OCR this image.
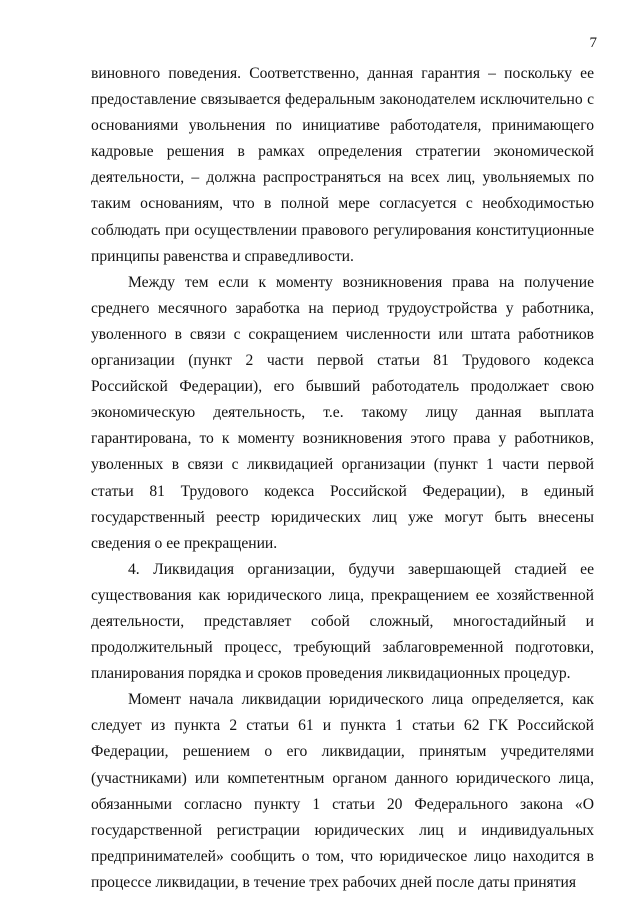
7

виновного поведения. Соответственно, данная гарантия – поскольку ее предоставление связывается федеральным законодателем исключительно с основаниями увольнения по инициативе работодателя, принимающего кадровые решения в рамках определения стратегии экономической деятельности, – должна распространяться на всех лиц, увольняемых по таким основаниям, что в полной мере согласуется с необходимостью соблюдать при осуществлении правового регулирования конституционные принципы равенства и справедливости.

Между тем если к моменту возникновения права на получение среднего месячного заработка на период трудоустройства у работника, уволенного в связи с сокращением численности или штата работников организации (пункт 2 части первой статьи 81 Трудового кодекса Российской Федерации), его бывший работодатель продолжает свою экономическую деятельность, т.е. такому лицу данная выплата гарантирована, то к моменту возникновения этого права у работников, уволенных в связи с ликвидацией организации (пункт 1 части первой статьи 81 Трудового кодекса Российской Федерации), в единый государственный реестр юридических лиц уже могут быть внесены сведения о ее прекращении.

4. Ликвидация организации, будучи завершающей стадией ее существования как юридического лица, прекращением ее хозяйственной деятельности, представляет собой сложный, многостадийный и продолжительный процесс, требующий заблаговременной подготовки, планирования порядка и сроков проведения ликвидационных процедур.

Момент начала ликвидации юридического лица определяется, как следует из пункта 2 статьи 61 и пункта 1 статьи 62 ГК Российской Федерации, решением о его ликвидации, принятым учредителями (участниками) или компетентным органом данного юридического лица, обязанными согласно пункту 1 статьи 20 Федерального закона «О государственной регистрации юридических лиц и индивидуальных предпринимателей» сообщить о том, что юридическое лицо находится в процессе ликвидации, в течение трех рабочих дней после даты принятия
